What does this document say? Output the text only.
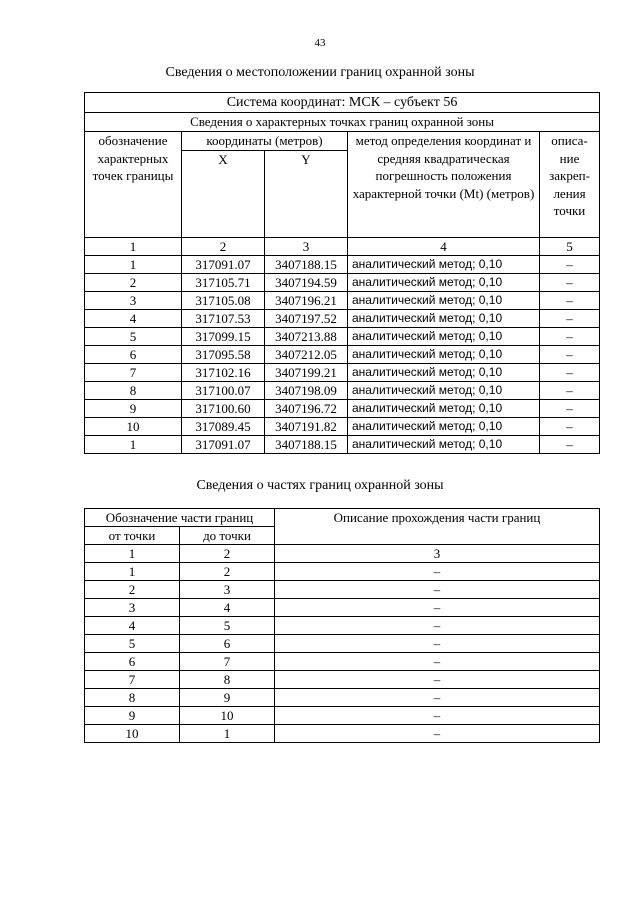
43
Сведения о местоположении границ охранной зоны
Система координат: МСК – субъект 56				
Сведения о характерных точках границ охранной зоны				
обозначение характерных точек границы	координаты (метров)		метод определения координат и средняя квадратическая погрешность положения характерной точки (Mt) (метров)	описа- ние закреп- ления точки
	X	Y		
1	2	3	4	5
1	317091.07	3407188.15	аналитический метод; 0,10	–
2	317105.71	3407194.59	аналитический метод; 0,10	–
3	317105.08	3407196.21	аналитический метод; 0,10	–
4	317107.53	3407197.52	аналитический метод; 0,10	–
5	317099.15	3407213.88	аналитический метод; 0,10	–
6	317095.58	3407212.05	аналитический метод; 0,10	–
7	317102.16	3407199.21	аналитический метод; 0,10	–
8	317100.07	3407198.09	аналитический метод; 0,10	–
9	317100.60	3407196.72	аналитический метод; 0,10	–
10	317089.45	3407191.82	аналитический метод; 0,10	–
1	317091.07	3407188.15	аналитический метод; 0,10	–
Сведения о частях границ охранной зоны
Обозначение части границ		Описание прохождения части границ
от точки	до точки	
1	2	3
1	2	–
2	3	–
3	4	–
4	5	–
5	6	–
6	7	–
7	8	–
8	9	–
9	10	–
10	1	–
